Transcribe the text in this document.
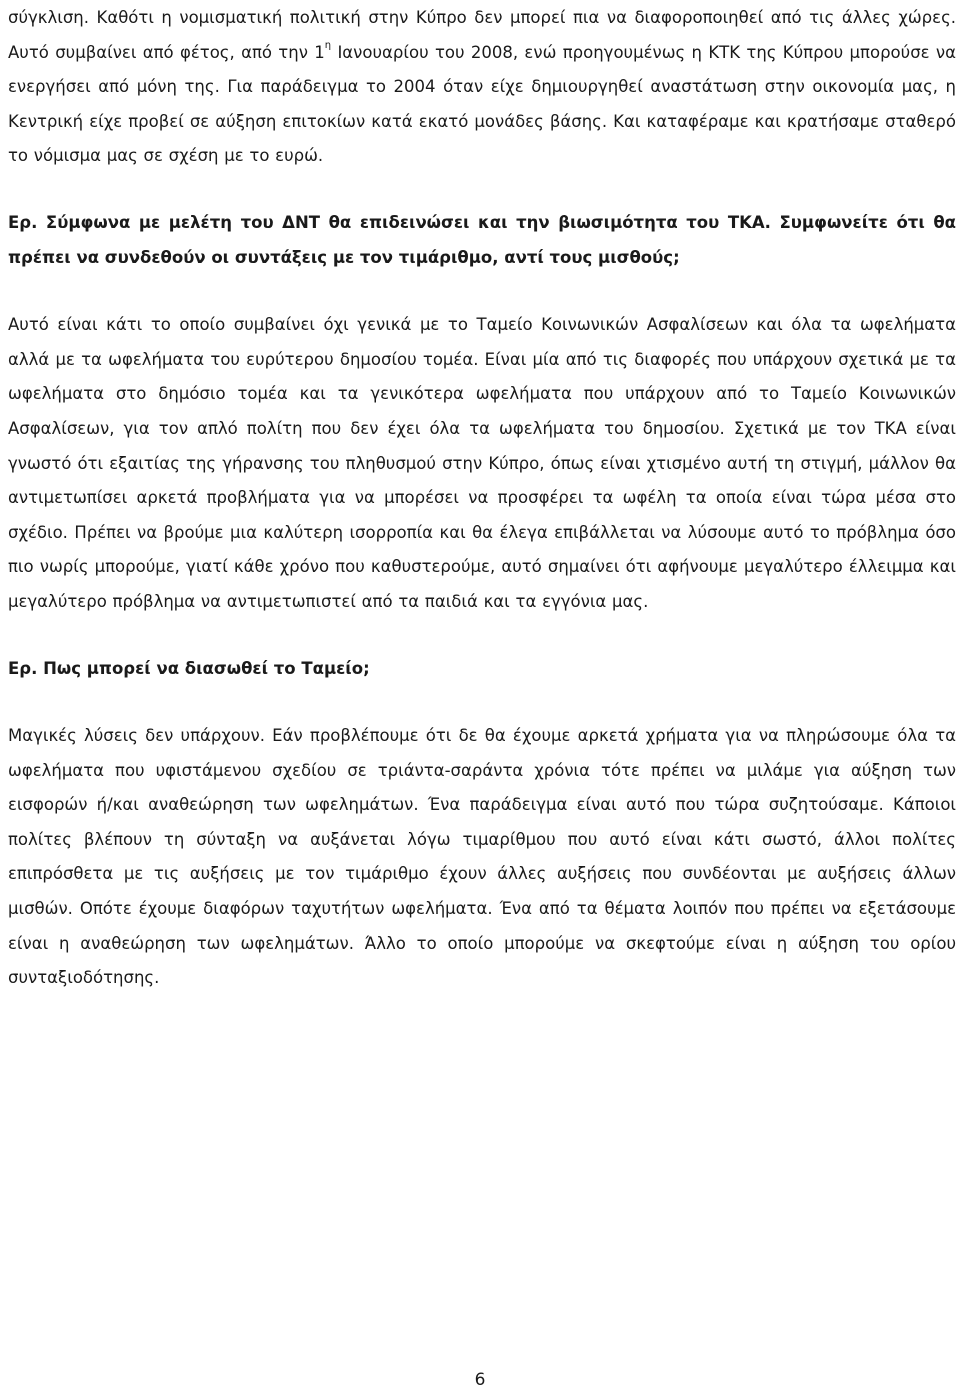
σύγκλιση. Καθότι η νομισματική πολιτική στην Κύπρο δεν μπορεί πια να διαφοροποιηθεί από τις άλλες χώρες. Αυτό συμβαίνει από φέτος, από την $1^\eta$ Ιανουαρίου του 2008, ενώ προηγουμένως η ΚΤΚ της Κύπρου μπορούσε να ενεργήσει από μόνη της. Για παράδειγμα το 2004 όταν είχε δημιουργηθεί αναστάτωση στην οικονομία μας, η Κεντρική είχε προβεί σε αύξηση επιτοκίων κατά εκατό μονάδες βάσης. Και καταφέραμε και κρατήσαμε σταθερό το νόμισμα μας σε σχέση με το ευρώ.

Ερ. Σύμφωνα με μελέτη του ΔΝΤ θα επιδεινώσει και την βιωσιμότητα του ΤΚΑ. Συμφωνείτε ότι θα πρέπει να συνδεθούν οι συντάξεις με τον τιμάριθμο, αντί τους μισθούς;

Αυτό είναι κάτι το οποίο συμβαίνει όχι γενικά με το Ταμείο Κοινωνικών Ασφαλίσεων και όλα τα ωφελήματα αλλά με τα ωφελήματα του ευρύτερου δημοσίου τομέα. Είναι μία από τις διαφορές που υπάρχουν σχετικά με τα ωφελήματα στο δημόσιο τομέα και τα γενικότερα ωφελήματα που υπάρχουν από το Ταμείο Κοινωνικών Ασφαλίσεων, για τον απλό πολίτη που δεν έχει όλα τα ωφελήματα του δημοσίου. Σχετικά με τον ΤΚΑ είναι γνωστό ότι εξαιτίας της γήρανσης του πληθυσμού στην Κύπρο, όπως είναι χτισμένο αυτή τη στιγμή, μάλλον θα αντιμετωπίσει αρκετά προβλήματα για να μπορέσει να προσφέρει τα ωφέλη τα οποία είναι τώρα μέσα στο σχέδιο. Πρέπει να βρούμε μια καλύτερη ισορροπία και θα έλεγα επιβάλλεται να λύσουμε αυτό το πρόβλημα όσο πιο νωρίς μπορούμε, γιατί κάθε χρόνο που καθυστερούμε, αυτό σημαίνει ότι αφήνουμε μεγαλύτερο έλλειμμα και μεγαλύτερο πρόβλημα να αντιμετωπιστεί από τα παιδιά και τα εγγόνια μας.

Ερ. Πως μπορεί να διασωθεί το Ταμείο;

Μαγικές λύσεις δεν υπάρχουν. Εάν προβλέπουμε ότι δε θα έχουμε αρκετά χρήματα για να πληρώσουμε όλα τα ωφελήματα που υφιστάμενου σχεδίου σε τριάντα-σαράντα χρόνια τότε πρέπει να μιλάμε για αύξηση των εισφορών ή/και αναθεώρηση των ωφελημάτων. Ένα παράδειγμα είναι αυτό που τώρα συζητούσαμε. Κάποιοι πολίτες βλέπουν τη σύνταξη να αυξάνεται λόγω τιμαρίθμου που αυτό είναι κάτι σωστό, άλλοι πολίτες επιπρόσθετα με τις αυξήσεις με τον τιμάριθμο έχουν άλλες αυξήσεις που συνδέονται με αυξήσεις άλλων μισθών. Οπότε έχουμε διαφόρων ταχυτήτων ωφελήματα. Ένα από τα θέματα λοιπόν που πρέπει να εξετάσουμε είναι η αναθεώρηση των ωφελημάτων. Άλλο το οποίο μπορούμε να σκεφτούμε είναι η αύξηση του ορίου συνταξιοδότησης.

6
